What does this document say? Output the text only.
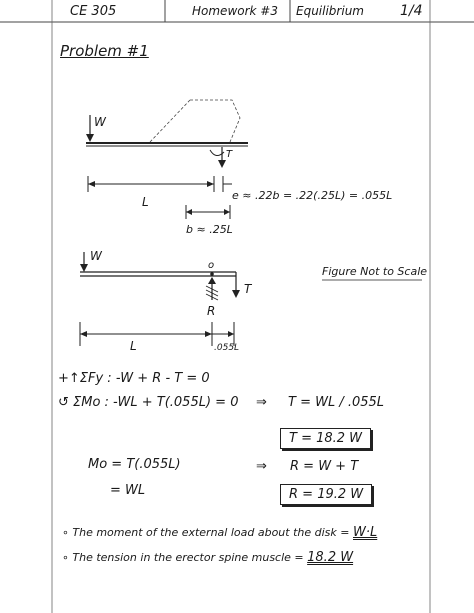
CE 305	Homework #3 Equilibrium	1/4
Problem #1
W
T
L	e ≈ .22b = .22(.25L) = .055L
b ≈ .25L
W
o
T
R
L	.055L
Figure Not to Scale
+↑ΣFy : -W + R - T = 0
↺ ΣMo : -WL + T(.055L) = 0 ⇒ T = WL / .055L
T = 18.2 W
Mo = T(.055L)
= WL
⇒ R = W + T
R = 19.2 W
∘ The moment of the external load about the disk = W·L
∘ The tension in the erector spine muscle = 18.2 W
